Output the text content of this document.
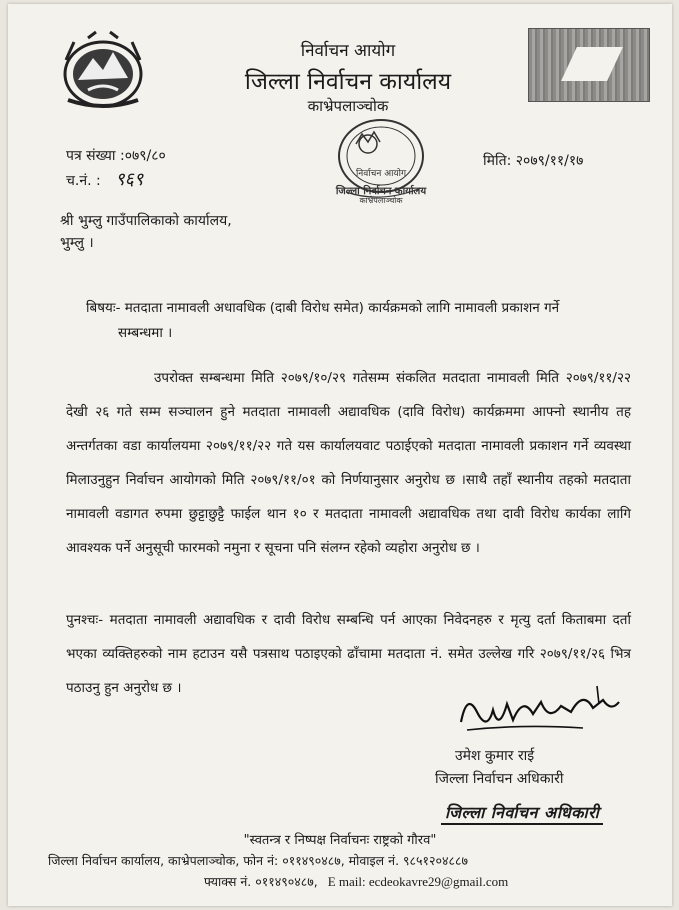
निर्वाचन आयोग
जिल्ला निर्वाचन कार्यालय
काभ्रेपलाञ्चोक
निर्वाचन आयोग
जिल्ला निर्वाचन कार्यालय
काभ्रेपलाञ्चोक
पत्र संख्या :०७९/८०
च.नं. : ९६९
मिति: २०७९/११/१७
श्री भुम्लु गाउँपालिकाको कार्यालय,
भुम्लु ।
बिषयः- मतदाता नामावली अधावधिक (दाबी विरोध समेत) कार्यक्रमको लागि नामावली प्रकाशन गर्ने
सम्बन्धमा ।
उपरोक्त सम्बन्धमा मिति २०७९/१०/२९ गतेसम्म संकलित मतदाता नामावली मिति २०७९/११/२२ देखी २६ गते सम्म सञ्चालन हुने मतदाता नामावली अद्यावधिक (दावि विरोध) कार्यक्रममा आफ्नो स्थानीय तह अन्तर्गतका वडा कार्यालयमा २०७९/११/२२ गते यस कार्यालयवाट पठाईएको मतदाता नामावली प्रकाशन गर्ने व्यवस्था मिलाउनुहुन निर्वाचन आयोगको मिति २०७९/११/०१ को निर्णयानुसार अनुरोध छ ।साथै तहाँ स्थानीय तहको मतदाता नामावली वडागत रुपमा छुट्टाछुट्टै फाईल थान १० र मतदाता नामावली अद्यावधिक तथा दावी विरोध कार्यका लागि आवश्यक पर्ने अनुसूची फारमको नमुना र सूचना पनि संलग्न रहेको व्यहोरा अनुरोध छ ।
पुनश्चः- मतदाता नामावली अद्यावधिक र दावी विरोध सम्बन्धि पर्न आएका निवेदनहरु र मृत्यु दर्ता किताबमा दर्ता भएका व्यक्तिहरुको नाम हटाउन यसै पत्रसाथ पठाइएको ढाँचामा मतदाता नं. समेत उल्लेख गरि २०७९/११/२६ भित्र पठाउनु हुन अनुरोध छ ।
उमेश कुमार राई
जिल्ला निर्वाचन अधिकारी
जिल्ला निर्वाचन अधिकारी
"स्वतन्त्र र निष्पक्ष निर्वाचनः राष्ट्रको गौरव"
जिल्ला निर्वाचन कार्यालय, काभ्रेपलाञ्चोक, फोन नं: ०११४९०४८७, मोवाइल नं. ९८५१२०४८८७
फ्याक्स नं. ०११४९०४८७, E mail: ecdeokavre29@gmail.com
